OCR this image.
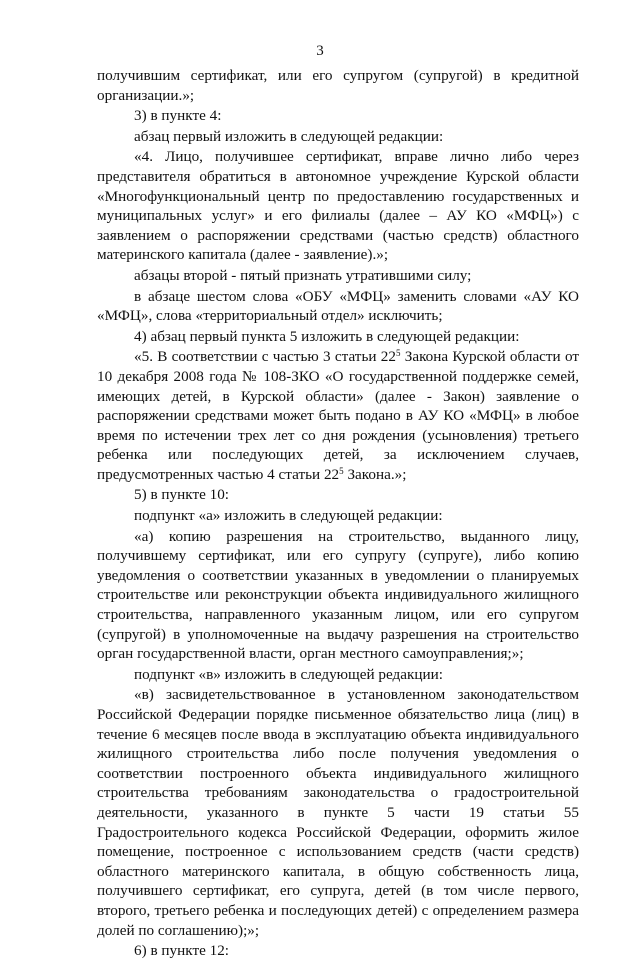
3

получившим сертификат, или его супругом (супругой) в кредитной организации.»;

3) в пункте 4:

абзац первый изложить в следующей редакции:

«4. Лицо, получившее сертификат, вправе лично либо через представителя обратиться в автономное учреждение Курской области «Многофункциональный центр по предоставлению государственных и муниципальных услуг» и его филиалы (далее – АУ КО «МФЦ») с заявлением о распоряжении средствами (частью средств) областного материнского капитала (далее - заявление).»;

абзацы второй - пятый признать утратившими силу;

в абзаце шестом слова «ОБУ «МФЦ» заменить словами «АУ КО «МФЦ», слова «территориальный отдел» исключить;

4) абзац первый пункта 5 изложить в следующей редакции:

«5. В соответствии с частью 3 статьи $22^5$ Закона Курской области от 10 декабря 2008 года № 108-ЗКО «О государственной поддержке семей, имеющих детей, в Курской области» (далее - Закон) заявление о распоряжении средствами может быть подано в АУ КО «МФЦ» в любое время по истечении трех лет со дня рождения (усыновления) третьего ребенка или последующих детей, за исключением случаев, предусмотренных частью 4 статьи $22^5$ Закона.»;

5) в пункте 10:

подпункт «а» изложить в следующей редакции:

«а) копию разрешения на строительство, выданного лицу, получившему сертификат, или его супругу (супруге), либо копию уведомления о соответствии указанных в уведомлении о планируемых строительстве или реконструкции объекта индивидуального жилищного строительства, направленного указанным лицом, или его супругом (супругой) в уполномоченные на выдачу разрешения на строительство орган государственной власти, орган местного самоуправления;»;

подпункт «в» изложить в следующей редакции:

«в) засвидетельствованное в установленном законодательством Российской Федерации порядке письменное обязательство лица (лиц) в течение 6 месяцев после ввода в эксплуатацию объекта индивидуального жилищного строительства либо после получения уведомления о соответствии построенного объекта индивидуального жилищного строительства требованиям законодательства о градостроительной деятельности, указанного в пункте 5 части 19 статьи 55 Градостроительного кодекса Российской Федерации, оформить жилое помещение, построенное с использованием средств (части средств) областного материнского капитала, в общую собственность лица, получившего сертификат, его супруга, детей (в том числе первого, второго, третьего ребенка и последующих детей) с определением размера долей по соглашению);»;

6) в пункте 12:
